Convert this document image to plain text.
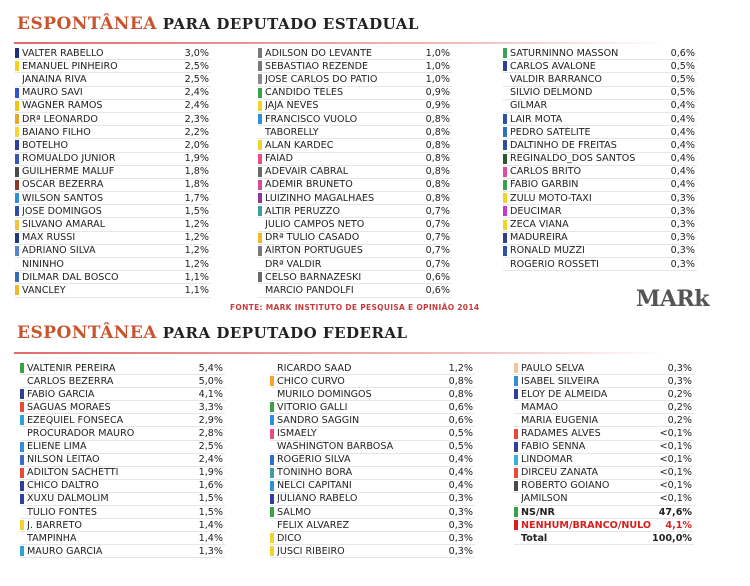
ESPONTÂNEA PARA DEPUTADO ESTADUAL
VALTER RABELLO	3,0%
EMANUEL PINHEIRO	2,5%
JANAINA RIVA	2,5%
MAURO SAVI	2,4%
WAGNER RAMOS	2,4%
DRª LEONARDO	2,3%
BAIANO FILHO	2,2%
BOTELHO	2,0%
ROMUALDO JUNIOR	1,9%
GUILHERME MALUF	1,8%
OSCAR BEZERRA	1,8%
WILSON SANTOS	1,7%
JOSÉ DOMINGOS	1,5%
SILVANO AMARAL	1,2%
MAX RUSSI	1,2%
ADRIANO SILVA	1,2%
NININHO	1,2%
DILMAR DAL BOSCO	1,1%
VANCLEY	1,1%
ADILSON DO LEVANTE	1,0%
SEBASTIÃO REZENDE	1,0%
JOSÉ CARLOS DO PÁTIO	1,0%
CANDIDO TELES	0,9%
JAJÁ NEVES	0,9%
FRANCISCO VUOLO	0,8%
TABORELLY	0,8%
ALAN KARDEC	0,8%
FAIAD	0,8%
ADEVAIR CABRAL	0,8%
ADEMIR BRUNETO	0,8%
LUIZINHO MAGALHAES	0,8%
ALTIR PERUZZO	0,7%
JÚLIO CAMPOS NETO	0,7%
DRª TULIO CASADO	0,7%
AIRTON PORTUGUÊS	0,7%
DRª VALDIR	0,7%
CELSO BARNAZESKI	0,6%
MARCIO PANDOLFI	0,6%
SATURNINNO MASSON	0,6%
CARLOS AVALONE	0,5%
VALDIR BARRANCO	0,5%
SILVIO DELMOND	0,5%
GILMAR	0,4%
LAIR MOTA	0,4%
PEDRO SATÉLITE	0,4%
DALTINHO DE FREITAS	0,4%
REGINALDO_DOS SANTOS	0,4%
CARLOS BRITO	0,4%
FABIO GARBIN	0,4%
ZULU MOTO-TAXI	0,3%
DEUCIMAR	0,3%
ZECA VIANA	0,3%
MADUREIRA	0,3%
RONALD MUZZI	0,3%
ROGÉRIO ROSSETI	0,3%
FONTE: MARK INSTITUTO DE PESQUISA E OPINIÃO 2014	MARk
ESPONTÂNEA PARA DEPUTADO FEDERAL
VALTENIR PEREIRA	5,4%
CARLOS BEZERRA	5,0%
FABIO GARCIA	4,1%
SÁGUAS MORAES	3,3%
EZEQUIEL FONSECA	2,9%
PROCURADOR MAURO	2,8%
ELIENE LIMA	2,5%
NILSON LEITÃO	2,4%
ADILTON SACHETTI	1,9%
CHICO DALTRO	1,6%
XUXU DALMOLIM	1,5%
TÚLIO FONTES	1,5%
J. BARRETO	1,4%
TAMPINHA	1,4%
MAURO GARCIA	1,3%
RICARDO SAAD	1,2%
CHICO CURVO	0,8%
MURILO DOMINGOS	0,8%
VITORIO GALLI	0,6%
SANDRO SAGGIN	0,6%
ISMAELY	0,5%
WASHINGTON BARBOSA	0,5%
ROGÉRIO SILVA	0,4%
TONINHO BORÁ	0,4%
NELCI CAPITANI	0,4%
JULIANO RABELO	0,3%
SALMO	0,3%
FÉLIX ALVAREZ	0,3%
DICO	0,3%
JUSCI RIBEIRO	0,3%
PAULO SELVA	0,3%
ISABEL SILVEIRA	0,3%
ELOY DE ALMEIDA	0,2%
MAMAO	0,2%
MARIA EUGENIA	0,2%
RADAMES ALVES	<0,1%
FABIO SENNA	<0,1%
LINDOMAR	<0,1%
DIRCEU ZANATA	<0,1%
ROBERTO GOIANO	<0,1%
JAMILSON	<0,1%
NS/NR	47,6%
NENHUM/BRANCO/NULO	4,1%
Total	100,0%
